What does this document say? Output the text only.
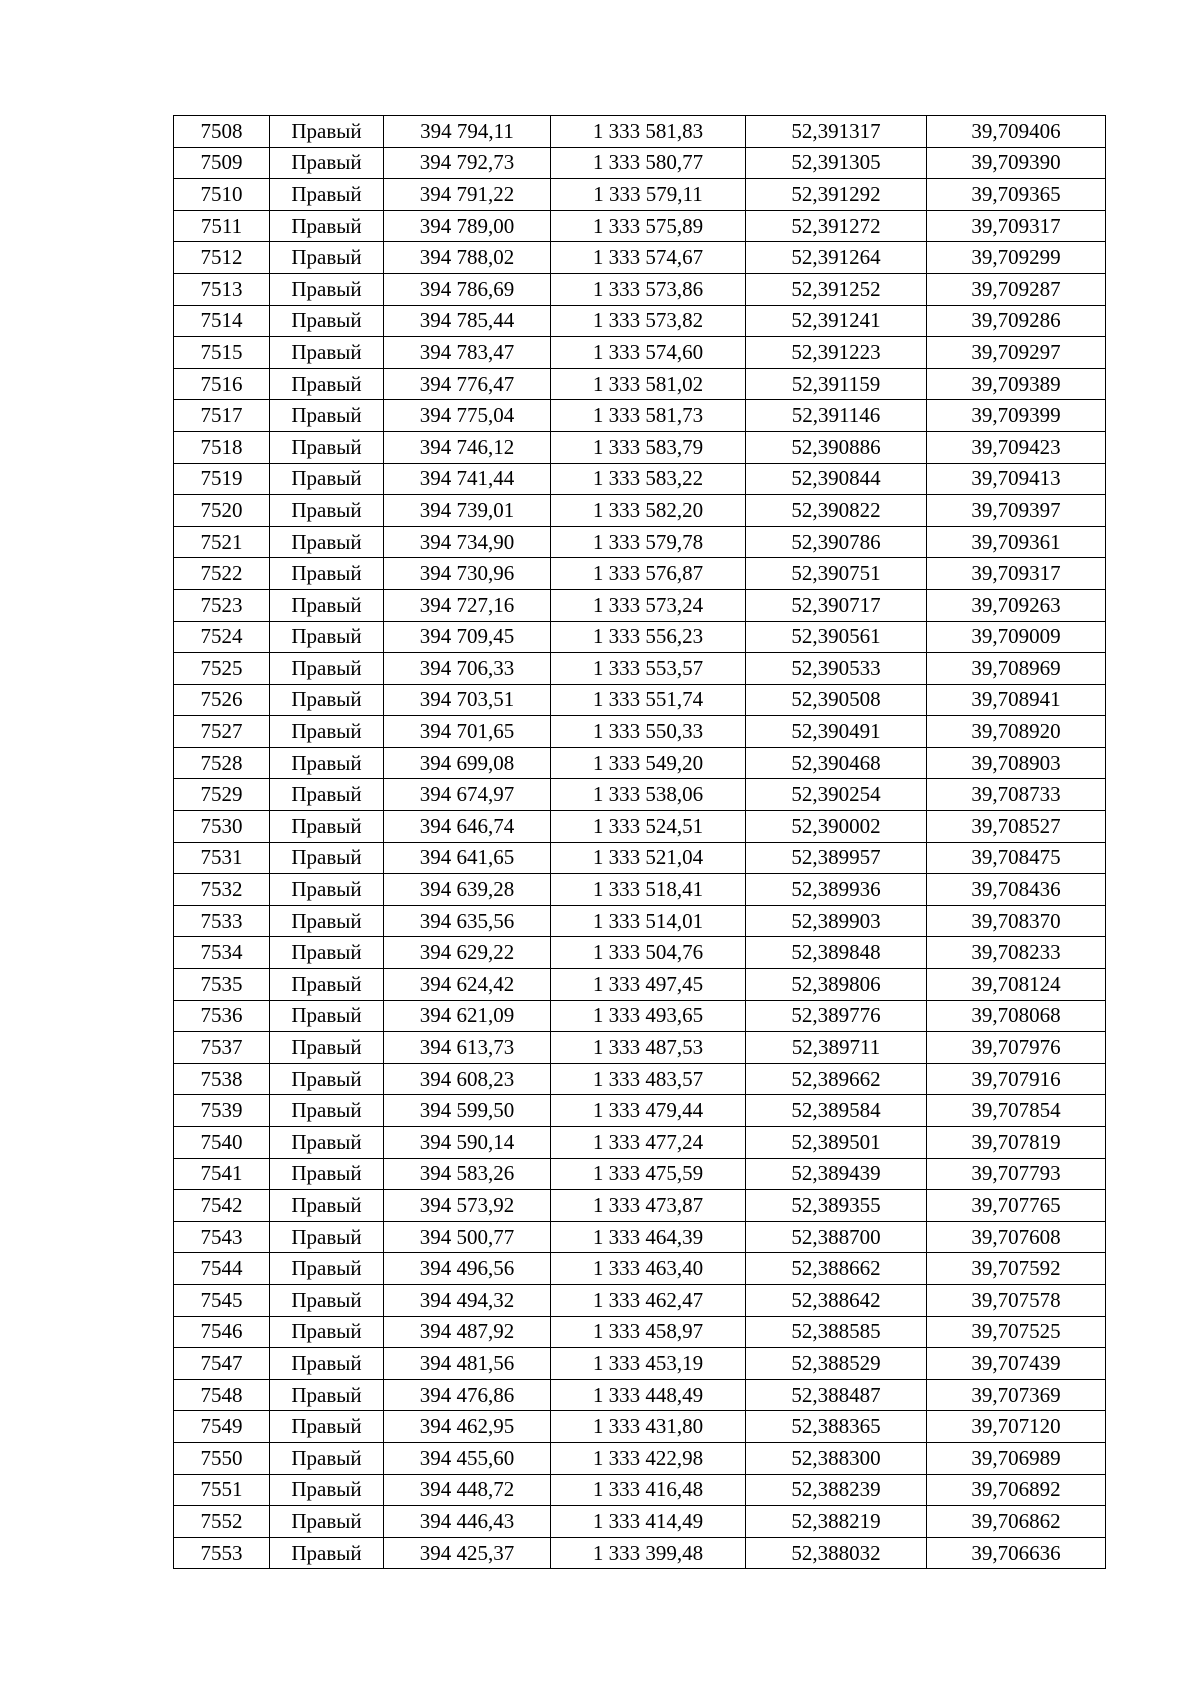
7508	Правый	394 794,11	1 333 581,83	52,391317	39,709406
7509	Правый	394 792,73	1 333 580,77	52,391305	39,709390
7510	Правый	394 791,22	1 333 579,11	52,391292	39,709365
7511	Правый	394 789,00	1 333 575,89	52,391272	39,709317
7512	Правый	394 788,02	1 333 574,67	52,391264	39,709299
7513	Правый	394 786,69	1 333 573,86	52,391252	39,709287
7514	Правый	394 785,44	1 333 573,82	52,391241	39,709286
7515	Правый	394 783,47	1 333 574,60	52,391223	39,709297
7516	Правый	394 776,47	1 333 581,02	52,391159	39,709389
7517	Правый	394 775,04	1 333 581,73	52,391146	39,709399
7518	Правый	394 746,12	1 333 583,79	52,390886	39,709423
7519	Правый	394 741,44	1 333 583,22	52,390844	39,709413
7520	Правый	394 739,01	1 333 582,20	52,390822	39,709397
7521	Правый	394 734,90	1 333 579,78	52,390786	39,709361
7522	Правый	394 730,96	1 333 576,87	52,390751	39,709317
7523	Правый	394 727,16	1 333 573,24	52,390717	39,709263
7524	Правый	394 709,45	1 333 556,23	52,390561	39,709009
7525	Правый	394 706,33	1 333 553,57	52,390533	39,708969
7526	Правый	394 703,51	1 333 551,74	52,390508	39,708941
7527	Правый	394 701,65	1 333 550,33	52,390491	39,708920
7528	Правый	394 699,08	1 333 549,20	52,390468	39,708903
7529	Правый	394 674,97	1 333 538,06	52,390254	39,708733
7530	Правый	394 646,74	1 333 524,51	52,390002	39,708527
7531	Правый	394 641,65	1 333 521,04	52,389957	39,708475
7532	Правый	394 639,28	1 333 518,41	52,389936	39,708436
7533	Правый	394 635,56	1 333 514,01	52,389903	39,708370
7534	Правый	394 629,22	1 333 504,76	52,389848	39,708233
7535	Правый	394 624,42	1 333 497,45	52,389806	39,708124
7536	Правый	394 621,09	1 333 493,65	52,389776	39,708068
7537	Правый	394 613,73	1 333 487,53	52,389711	39,707976
7538	Правый	394 608,23	1 333 483,57	52,389662	39,707916
7539	Правый	394 599,50	1 333 479,44	52,389584	39,707854
7540	Правый	394 590,14	1 333 477,24	52,389501	39,707819
7541	Правый	394 583,26	1 333 475,59	52,389439	39,707793
7542	Правый	394 573,92	1 333 473,87	52,389355	39,707765
7543	Правый	394 500,77	1 333 464,39	52,388700	39,707608
7544	Правый	394 496,56	1 333 463,40	52,388662	39,707592
7545	Правый	394 494,32	1 333 462,47	52,388642	39,707578
7546	Правый	394 487,92	1 333 458,97	52,388585	39,707525
7547	Правый	394 481,56	1 333 453,19	52,388529	39,707439
7548	Правый	394 476,86	1 333 448,49	52,388487	39,707369
7549	Правый	394 462,95	1 333 431,80	52,388365	39,707120
7550	Правый	394 455,60	1 333 422,98	52,388300	39,706989
7551	Правый	394 448,72	1 333 416,48	52,388239	39,706892
7552	Правый	394 446,43	1 333 414,49	52,388219	39,706862
7553	Правый	394 425,37	1 333 399,48	52,388032	39,706636
